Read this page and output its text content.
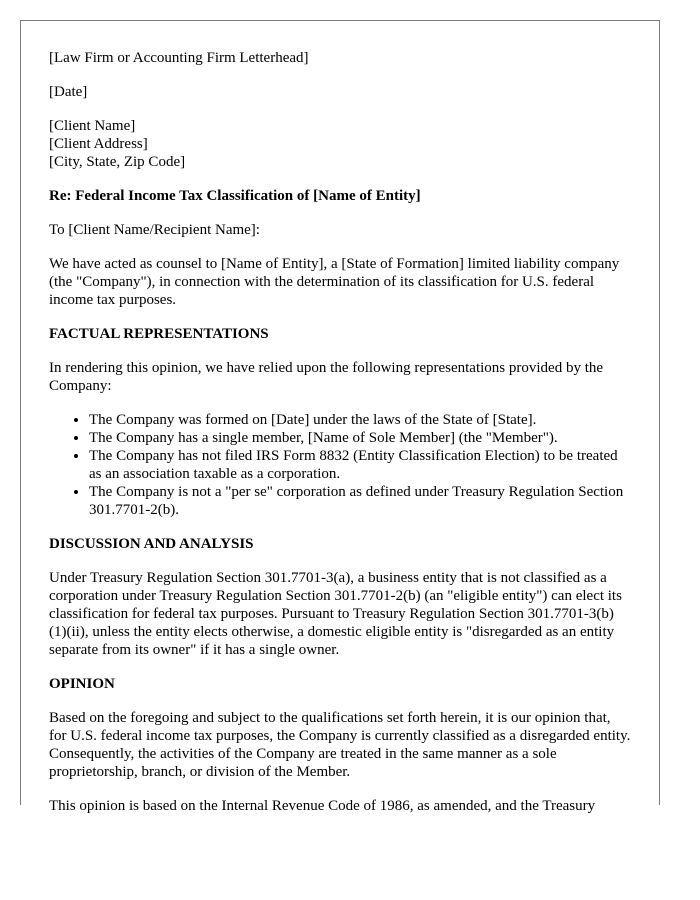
[Law Firm or Accounting Firm Letterhead]

[Date]

[Client Name]
[Client Address]
[City, State, Zip Code]

Re: Federal Income Tax Classification of [Name of Entity]

To [Client Name/Recipient Name]:

We have acted as counsel to [Name of Entity], a [State of Formation] limited liability company (the "Company"), in connection with the determination of its classification for U.S. federal income tax purposes.

FACTUAL REPRESENTATIONS

In rendering this opinion, we have relied upon the following representations provided by the Company:

• The Company was formed on [Date] under the laws of the State of [State].
• The Company has a single member, [Name of Sole Member] (the "Member").
• The Company has not filed IRS Form 8832 (Entity Classification Election) to be treated as an association taxable as a corporation.
• The Company is not a "per se" corporation as defined under Treasury Regulation Section 301.7701-2(b).

DISCUSSION AND ANALYSIS

Under Treasury Regulation Section 301.7701-3(a), a business entity that is not classified as a corporation under Treasury Regulation Section 301.7701-2(b) (an "eligible entity") can elect its classification for federal tax purposes. Pursuant to Treasury Regulation Section 301.7701-3(b)(1)(ii), unless the entity elects otherwise, a domestic eligible entity is "disregarded as an entity separate from its owner" if it has a single owner.

OPINION

Based on the foregoing and subject to the qualifications set forth herein, it is our opinion that, for U.S. federal income tax purposes, the Company is currently classified as a disregarded entity. Consequently, the activities of the Company are treated in the same manner as a sole proprietorship, branch, or division of the Member.

This opinion is based on the Internal Revenue Code of 1986, as amended, and the Treasury
